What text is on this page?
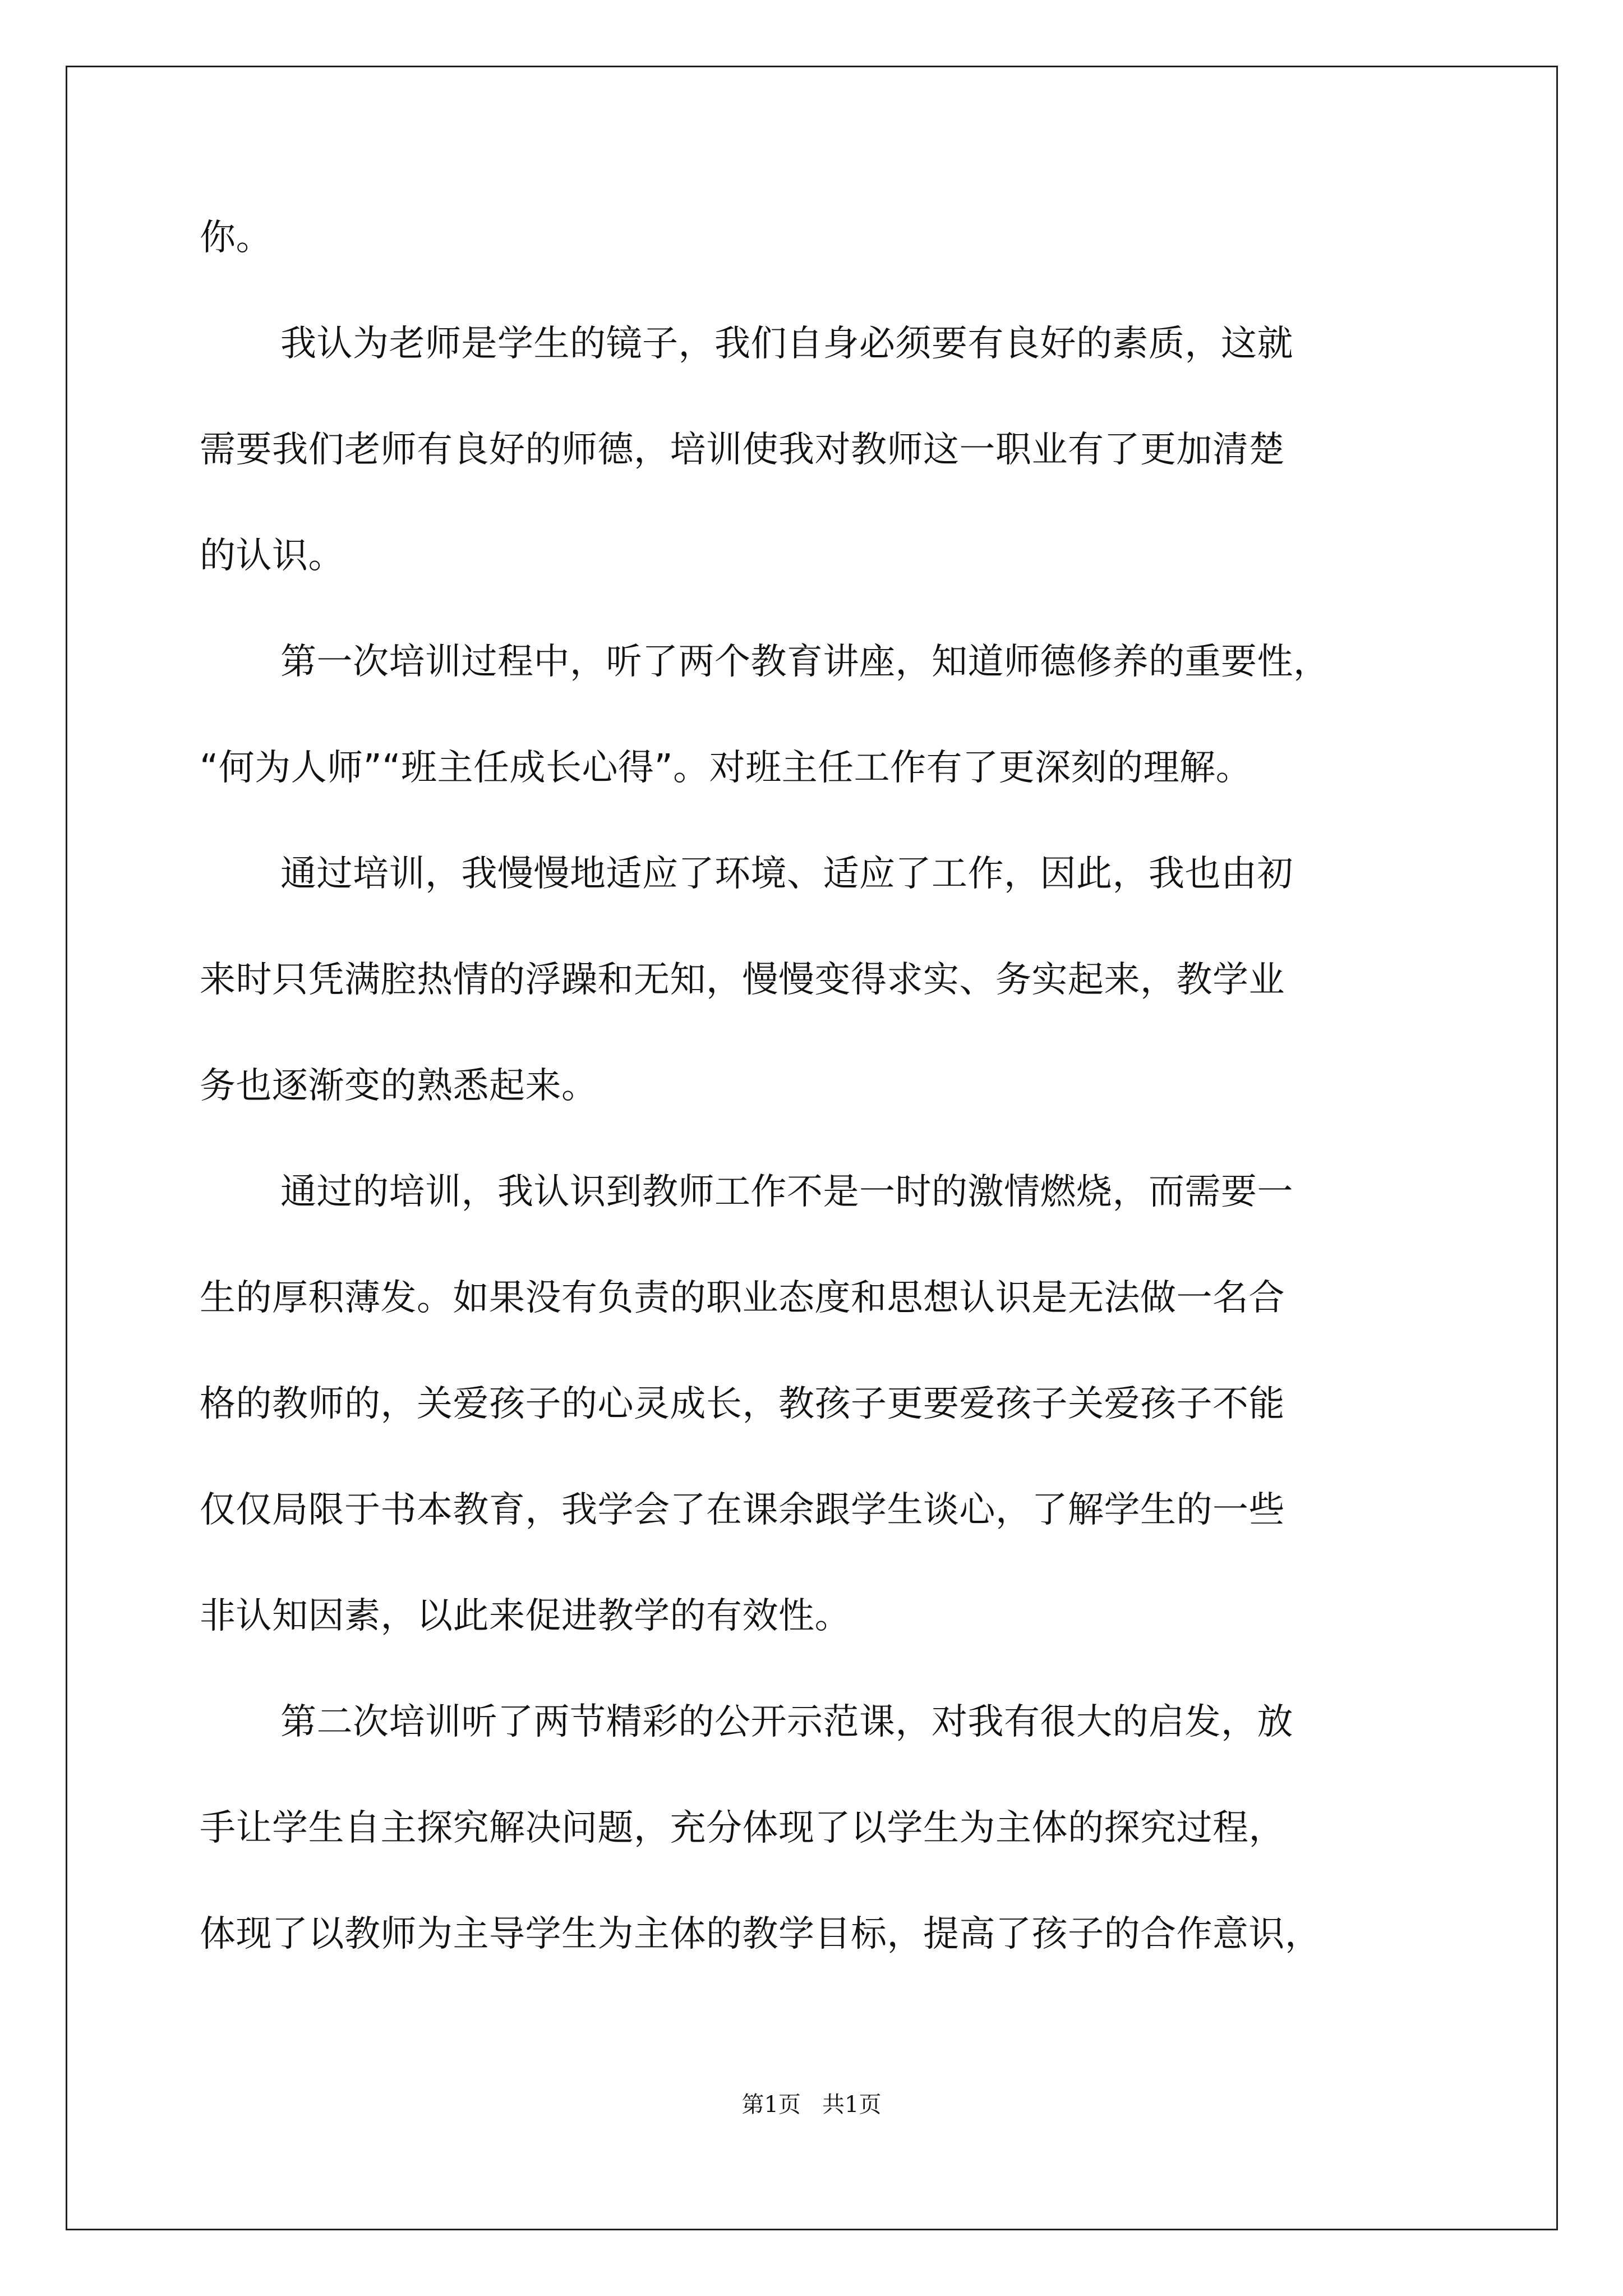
你。
我认为老师是学生的镜子，我们自身必须要有良好的素质，这就
需要我们老师有良好的师德，培训使我对教师这一职业有了更加清楚
的认识。
第一次培训过程中，听了两个教育讲座，知道师德修养的重要性，
“何为人师”“班主任成长心得”。对班主任工作有了更深刻的理解。
通过培训，我慢慢地适应了环境、适应了工作，因此，我也由初
来时只凭满腔热情的浮躁和无知，慢慢变得求实、务实起来，教学业
务也逐渐变的熟悉起来。
通过的培训，我认识到教师工作不是一时的激情燃烧，而需要一
生的厚积薄发。如果没有负责的职业态度和思想认识是无法做一名合
格的教师的，关爱孩子的心灵成长，教孩子更要爱孩子关爱孩子不能
仅仅局限于书本教育，我学会了在课余跟学生谈心，了解学生的一些
非认知因素，以此来促进教学的有效性。
第二次培训听了两节精彩的公开示范课，对我有很大的启发，放
手让学生自主探究解决问题，充分体现了以学生为主体的探究过程，
体现了以教师为主导学生为主体的教学目标，提高了孩子的合作意识，
第1页   共1页
